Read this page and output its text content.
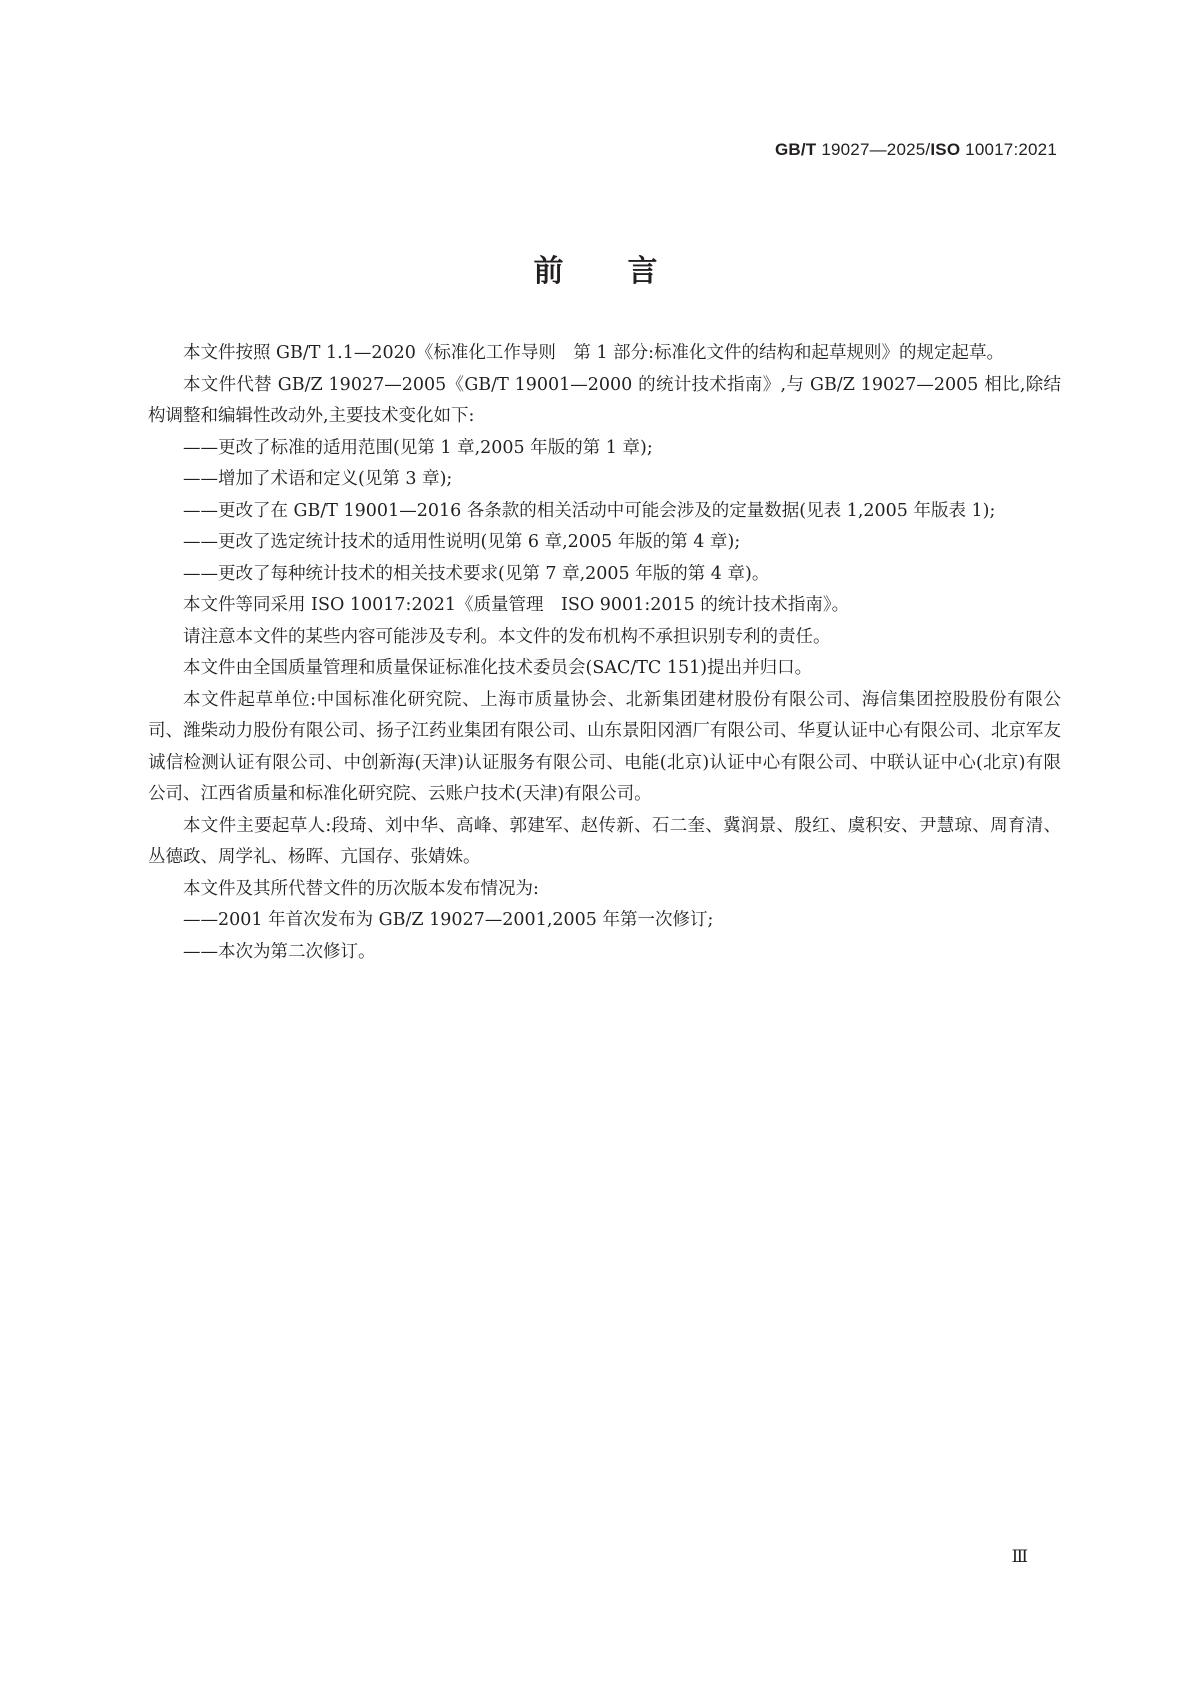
GB/T 19027—2025/ISO 10017:2021
前言

本文件按照 GB/T 1.1—2020《标准化工作导则　第 1 部分:标准化文件的结构和起草规则》的规定起草。

本文件代替 GB/Z 19027—2005《GB/T 19001—2000 的统计技术指南》,与 GB/Z 19027—2005 相比,除结构调整和编辑性改动外,主要技术变化如下:

——更改了标准的适用范围(见第 1 章,2005 年版的第 1 章);

——增加了术语和定义(见第 3 章);

——更改了在 GB/T 19001—2016 各条款的相关活动中可能会涉及的定量数据(见表 1,2005 年版表 1);

——更改了选定统计技术的适用性说明(见第 6 章,2005 年版的第 4 章);

——更改了每种统计技术的相关技术要求(见第 7 章,2005 年版的第 4 章)。

本文件等同采用 ISO 10017:2021《质量管理　ISO 9001:2015 的统计技术指南》。

请注意本文件的某些内容可能涉及专利。本文件的发布机构不承担识别专利的责任。

本文件由全国质量管理和质量保证标准化技术委员会(SAC/TC 151)提出并归口。

本文件起草单位:中国标准化研究院、上海市质量协会、北新集团建材股份有限公司、海信集团控股股份有限公司、潍柴动力股份有限公司、扬子江药业集团有限公司、山东景阳冈酒厂有限公司、华夏认证中心有限公司、北京军友诚信检测认证有限公司、中创新海(天津)认证服务有限公司、电能(北京)认证中心有限公司、中联认证中心(北京)有限公司、江西省质量和标准化研究院、云账户技术(天津)有限公司。

本文件主要起草人:段琦、刘中华、高峰、郭建军、赵传新、石二奎、冀润景、殷红、虞积安、尹慧琼、周育清、丛德政、周学礼、杨晖、亢国存、张婧姝。

本文件及其所代替文件的历次版本发布情况为:

——2001 年首次发布为 GB/Z 19027—2001,2005 年第一次修订;

——本次为第二次修订。

Ⅲ
